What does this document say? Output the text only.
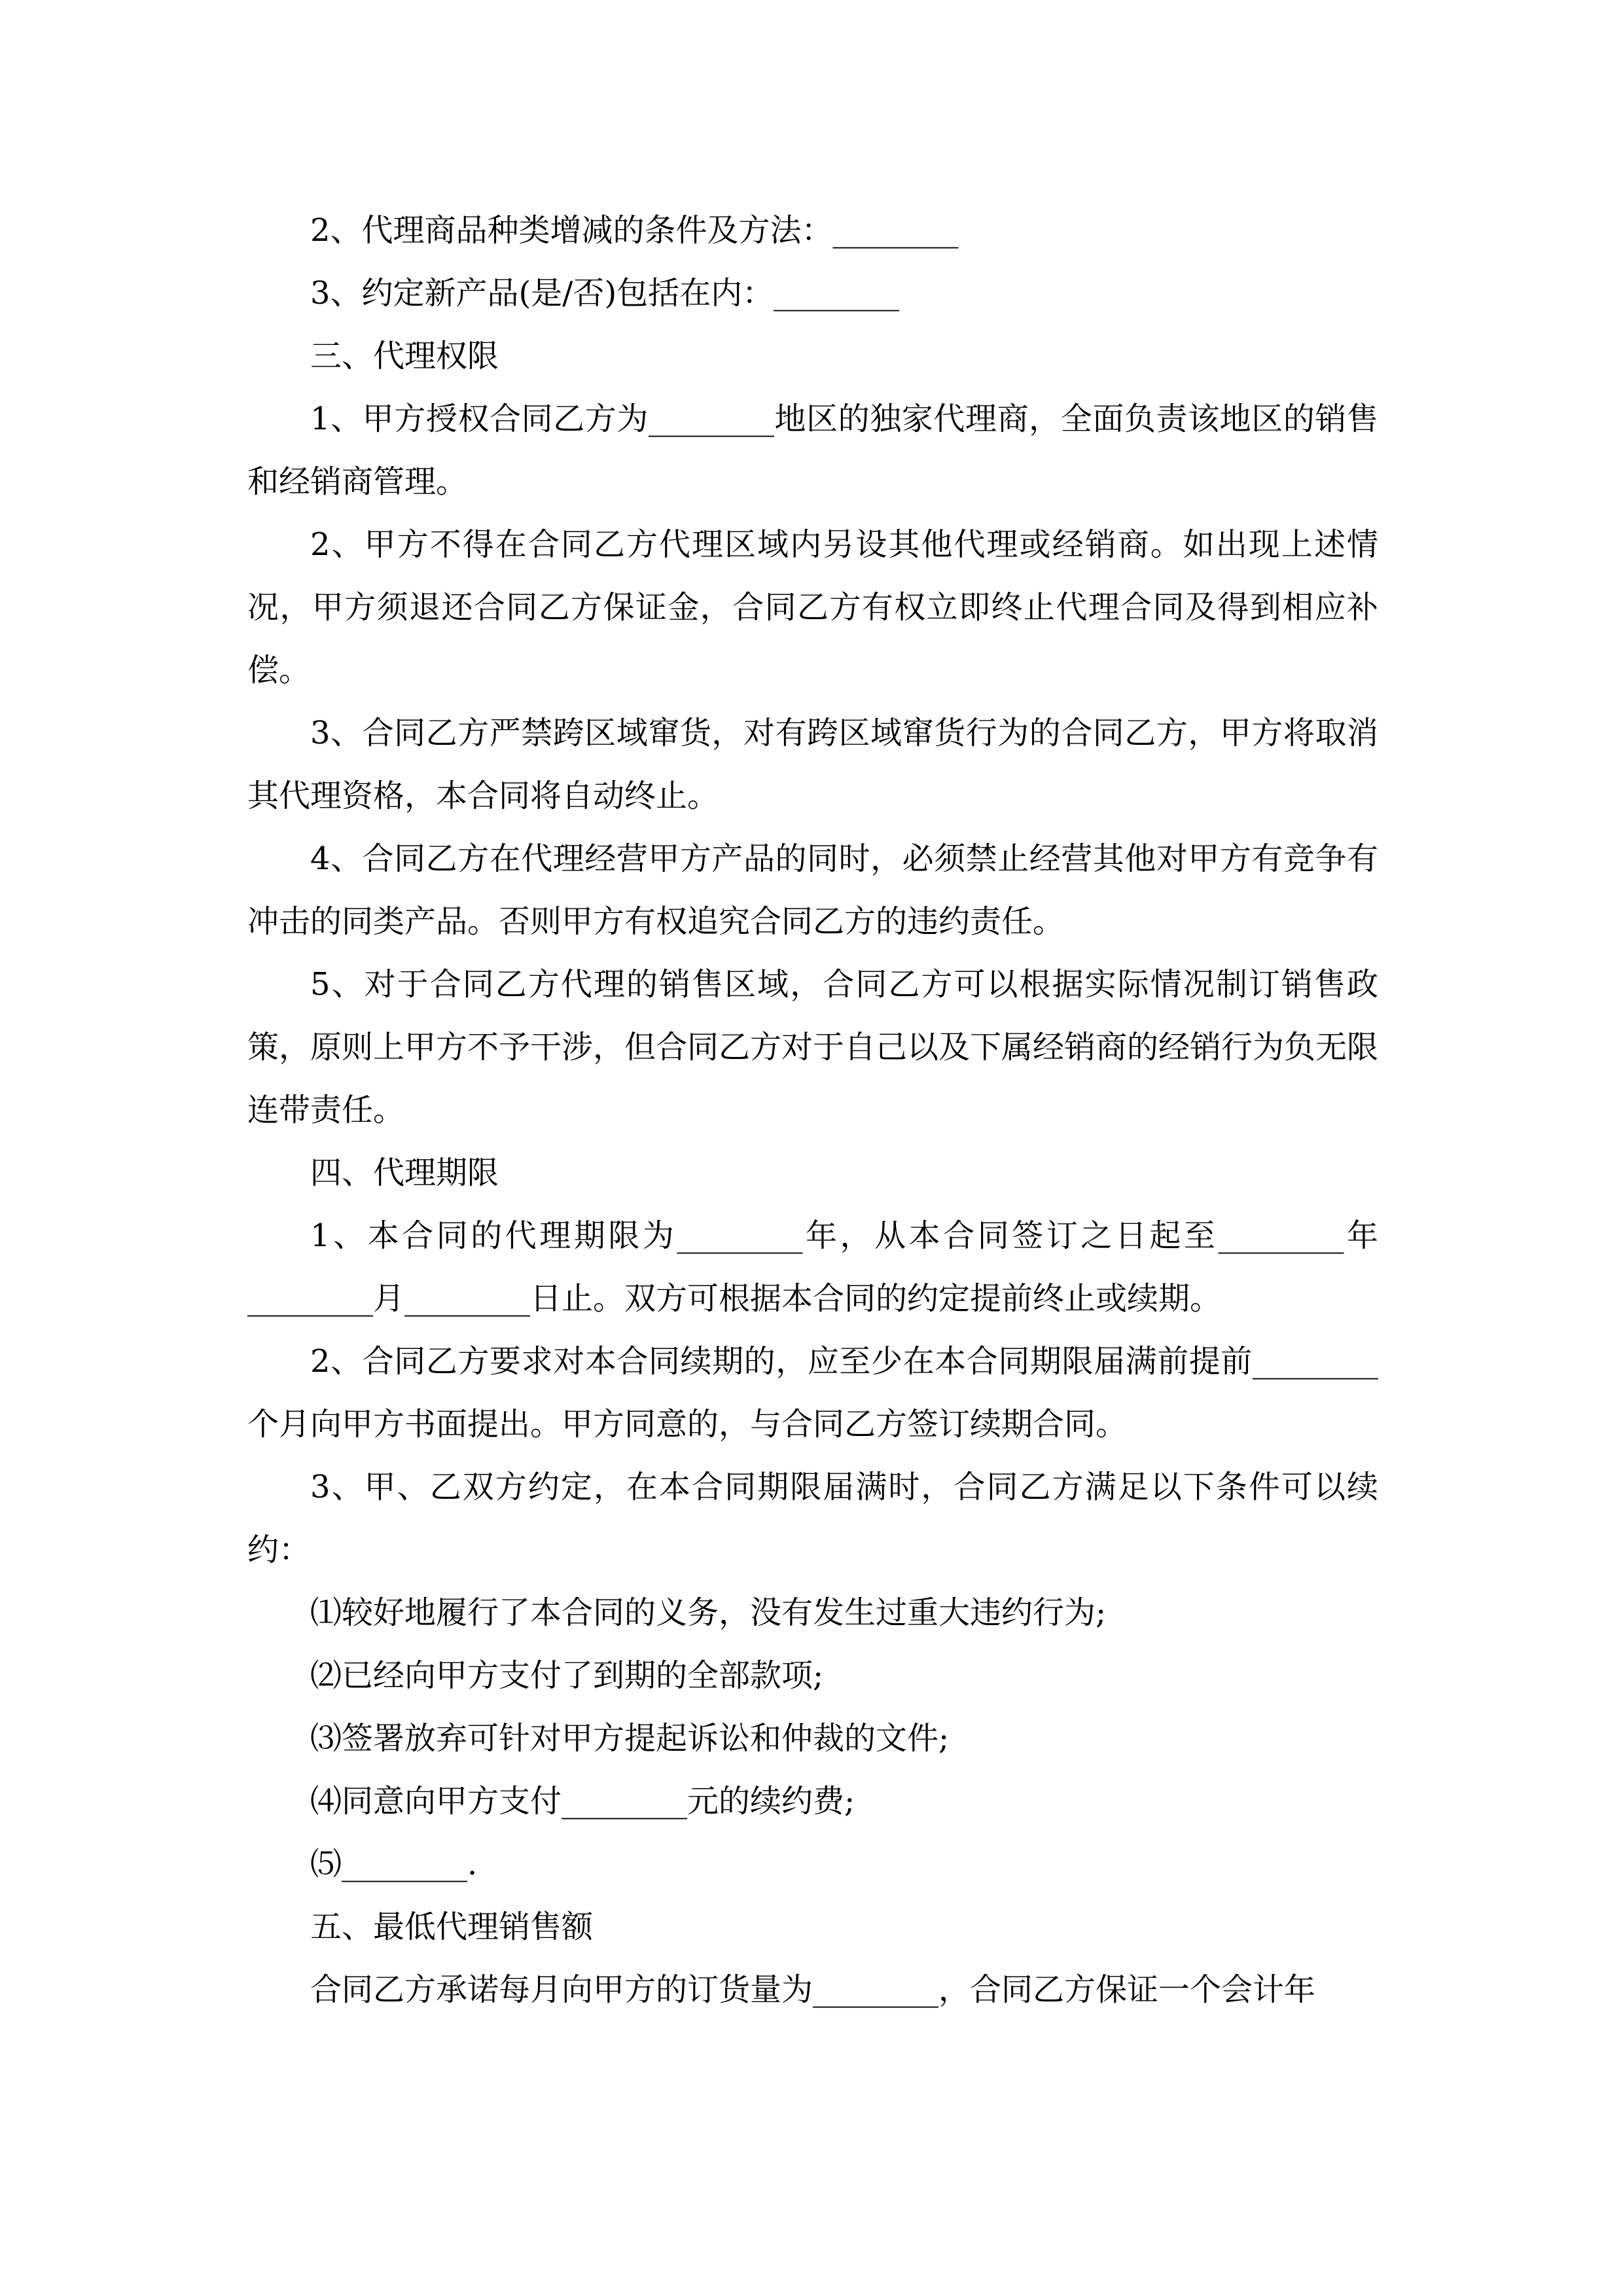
2、代理商品种类增减的条件及方法：________

3、约定新产品(是/否)包括在内：________

三、代理权限

1、甲方授权合同乙方为________地区的独家代理商，全面负责该地区的销售和经销商管理。

2、甲方不得在合同乙方代理区域内另设其他代理或经销商。如出现上述情况，甲方须退还合同乙方保证金，合同乙方有权立即终止代理合同及得到相应补偿。

3、合同乙方严禁跨区域窜货，对有跨区域窜货行为的合同乙方，甲方将取消其代理资格，本合同将自动终止。

4、合同乙方在代理经营甲方产品的同时，必须禁止经营其他对甲方有竞争有冲击的同类产品。否则甲方有权追究合同乙方的违约责任。

5、对于合同乙方代理的销售区域，合同乙方可以根据实际情况制订销售政策，原则上甲方不予干涉，但合同乙方对于自己以及下属经销商的经销行为负无限连带责任。

四、代理期限

1、本合同的代理期限为________年，从本合同签订之日起至________年________月________日止。双方可根据本合同的约定提前终止或续期。

2、合同乙方要求对本合同续期的，应至少在本合同期限届满前提前________个月向甲方书面提出。甲方同意的，与合同乙方签订续期合同。

3、甲、乙双方约定，在本合同期限届满时，合同乙方满足以下条件可以续约：

⑴较好地履行了本合同的义务，没有发生过重大违约行为;

⑵已经向甲方支付了到期的全部款项;

⑶签署放弃可针对甲方提起诉讼和仲裁的文件;

⑷同意向甲方支付________元的续约费;

⑸________.

五、最低代理销售额

合同乙方承诺每月向甲方的订货量为________，合同乙方保证一个会计年
